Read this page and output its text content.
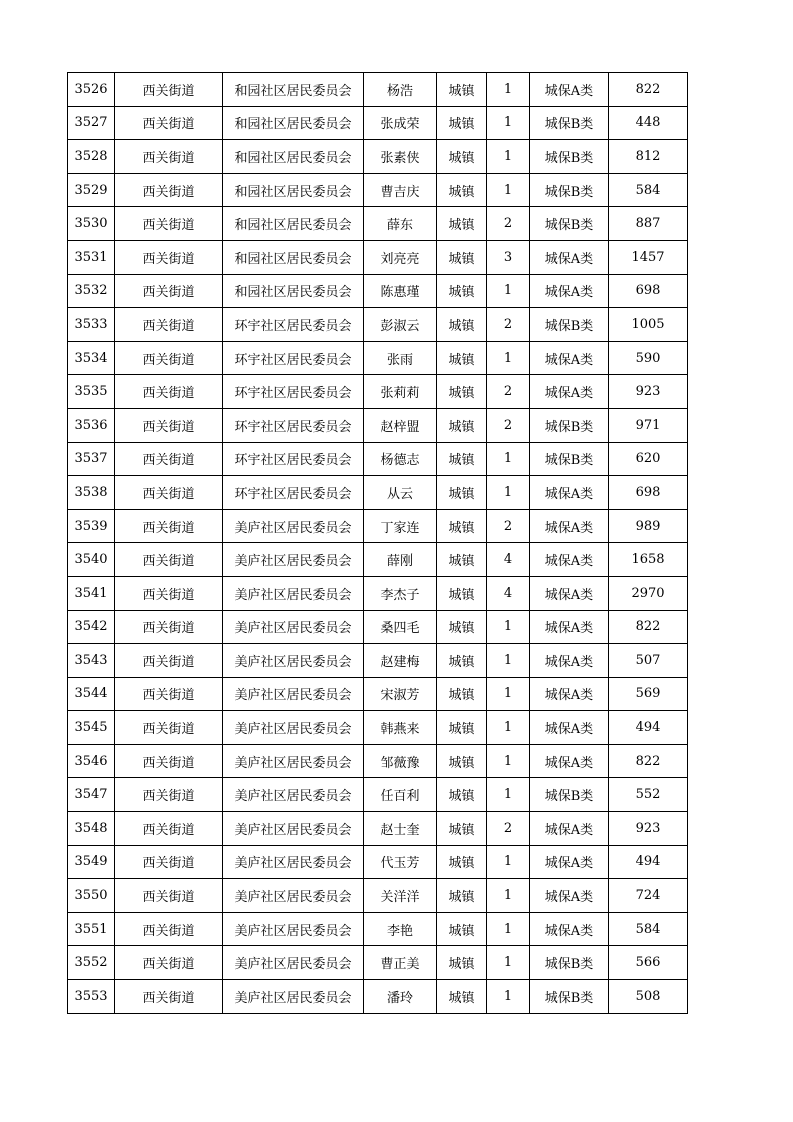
3526	西关街道	和园社区居民委员会	杨浩	城镇	1	城保A类	822
3527	西关街道	和园社区居民委员会	张成荣	城镇	1	城保B类	448
3528	西关街道	和园社区居民委员会	张素侠	城镇	1	城保B类	812
3529	西关街道	和园社区居民委员会	曹吉庆	城镇	1	城保B类	584
3530	西关街道	和园社区居民委员会	薛东	城镇	2	城保B类	887
3531	西关街道	和园社区居民委员会	刘亮亮	城镇	3	城保A类	1457
3532	西关街道	和园社区居民委员会	陈惠瑾	城镇	1	城保A类	698
3533	西关街道	环宇社区居民委员会	彭淑云	城镇	2	城保B类	1005
3534	西关街道	环宇社区居民委员会	张雨	城镇	1	城保A类	590
3535	西关街道	环宇社区居民委员会	张莉莉	城镇	2	城保A类	923
3536	西关街道	环宇社区居民委员会	赵梓盟	城镇	2	城保B类	971
3537	西关街道	环宇社区居民委员会	杨德志	城镇	1	城保B类	620
3538	西关街道	环宇社区居民委员会	从云	城镇	1	城保A类	698
3539	西关街道	美庐社区居民委员会	丁家连	城镇	2	城保A类	989
3540	西关街道	美庐社区居民委员会	薛刚	城镇	4	城保A类	1658
3541	西关街道	美庐社区居民委员会	李杰子	城镇	4	城保A类	2970
3542	西关街道	美庐社区居民委员会	桑四毛	城镇	1	城保A类	822
3543	西关街道	美庐社区居民委员会	赵建梅	城镇	1	城保A类	507
3544	西关街道	美庐社区居民委员会	宋淑芳	城镇	1	城保A类	569
3545	西关街道	美庐社区居民委员会	韩燕来	城镇	1	城保A类	494
3546	西关街道	美庐社区居民委员会	邹薇豫	城镇	1	城保A类	822
3547	西关街道	美庐社区居民委员会	任百利	城镇	1	城保B类	552
3548	西关街道	美庐社区居民委员会	赵士奎	城镇	2	城保A类	923
3549	西关街道	美庐社区居民委员会	代玉芳	城镇	1	城保A类	494
3550	西关街道	美庐社区居民委员会	关洋洋	城镇	1	城保A类	724
3551	西关街道	美庐社区居民委员会	李艳	城镇	1	城保A类	584
3552	西关街道	美庐社区居民委员会	曹正美	城镇	1	城保B类	566
3553	西关街道	美庐社区居民委员会	潘玲	城镇	1	城保B类	508
